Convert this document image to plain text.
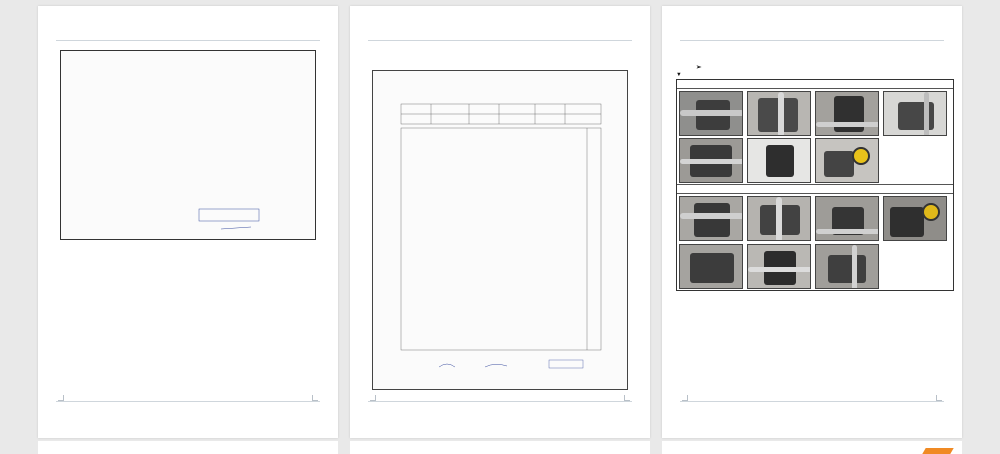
➢
▼
